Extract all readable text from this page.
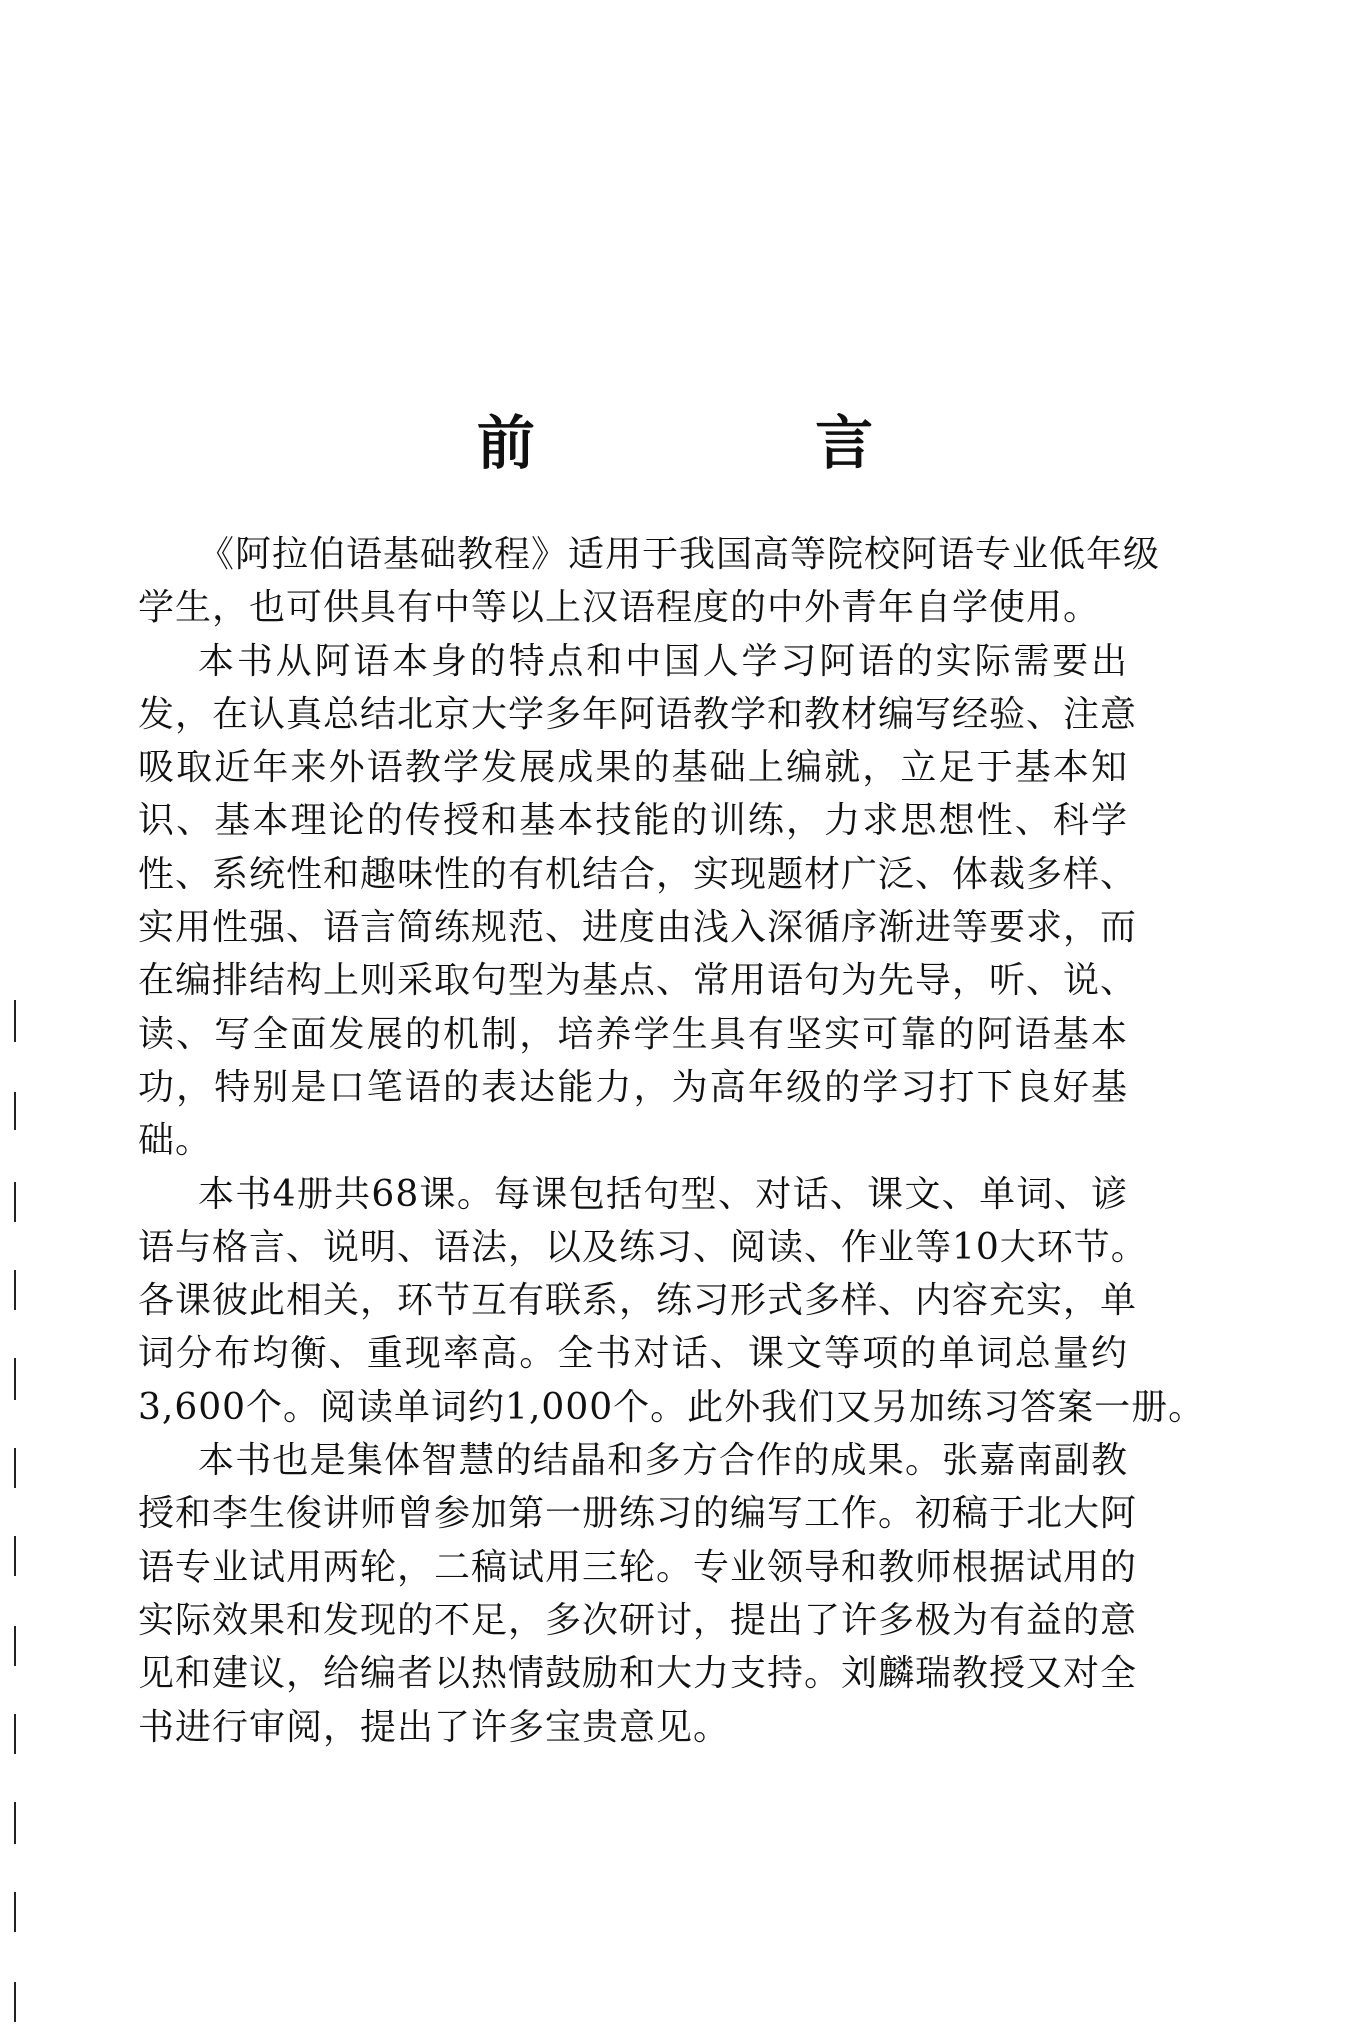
前 言
《阿拉伯语基础教程》适用于我国高等院校阿语专业低年级
学生，也可供具有中等以上汉语程度的中外青年自学使用。
本书从阿语本身的特点和中国人学习阿语的实际需要出
发，在认真总结北京大学多年阿语教学和教材编写经验、注意
吸取近年来外语教学发展成果的基础上编就，立足于基本知
识、基本理论的传授和基本技能的训练，力求思想性、科学
性、系统性和趣味性的有机结合，实现题材广泛、体裁多样、
实用性强、语言简练规范、进度由浅入深循序渐进等要求，而
在编排结构上则采取句型为基点、常用语句为先导，听、说、
读、写全面发展的机制，培养学生具有坚实可靠的阿语基本
功，特别是口笔语的表达能力，为高年级的学习打下良好基
础。
本书4册共68课。每课包括句型、对话、课文、单词、谚
语与格言、说明、语法，以及练习、阅读、作业等10大环节。
各课彼此相关，环节互有联系，练习形式多样、内容充实，单
词分布均衡、重现率高。全书对话、课文等项的单词总量约
3,600个。阅读单词约1,000个。此外我们又另加练习答案一册。
本书也是集体智慧的结晶和多方合作的成果。张嘉南副教
授和李生俊讲师曾参加第一册练习的编写工作。初稿于北大阿
语专业试用两轮，二稿试用三轮。专业领导和教师根据试用的
实际效果和发现的不足，多次研讨，提出了许多极为有益的意
见和建议，给编者以热情鼓励和大力支持。刘麟瑞教授又对全
书进行审阅，提出了许多宝贵意见。
